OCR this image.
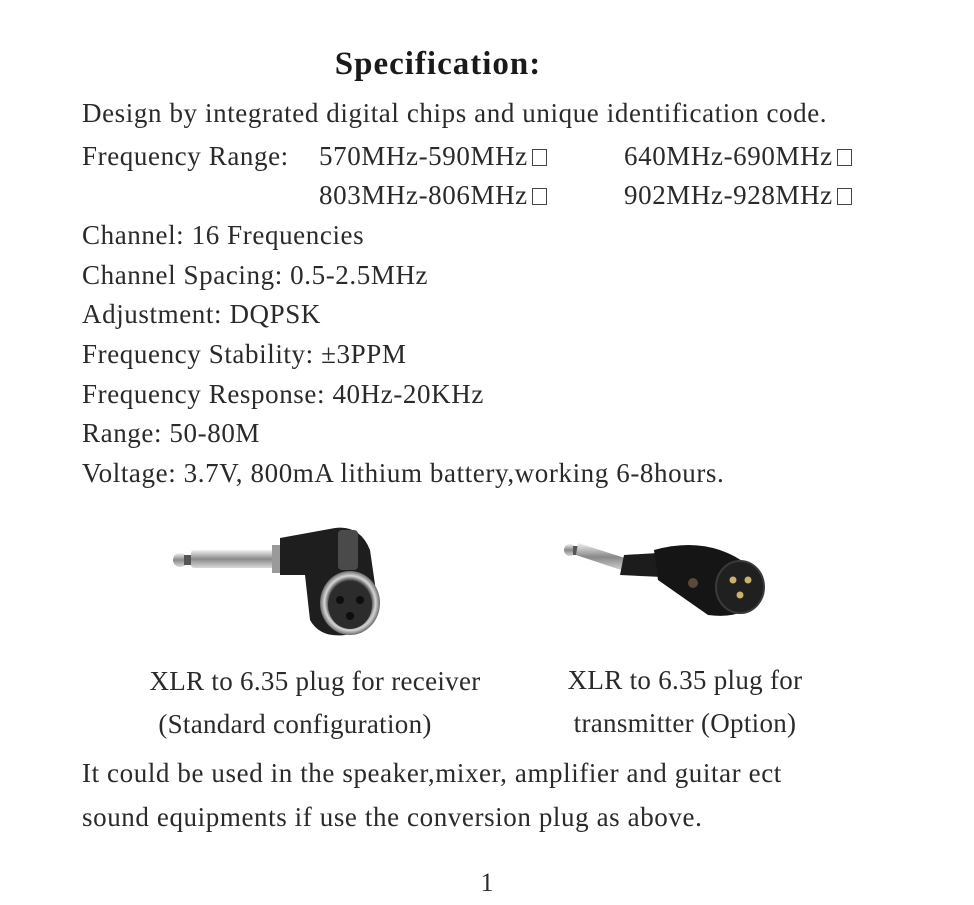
Specification:
Design by integrated digital chips and unique identification code.
Frequency Range: 570MHz-590MHz	640MHz-690MHz
803MHz-806MHz	902MHz-928MHz
Channel: 16 Frequencies
Channel Spacing: 0.5-2.5MHz
Adjustment: DQPSK
Frequency Stability: ±3PPM
Frequency Response: 40Hz-20KHz
Range: 50-80M
Voltage: 3.7V, 800mA lithium battery,working 6-8hours.
XLR to 6.35 plug for receiver
(Standard configuration)
XLR to 6.35 plug for
transmitter (Option)
It could be used in the speaker,mixer, amplifier and guitar ect
sound equipments if use the conversion plug as above.
1
